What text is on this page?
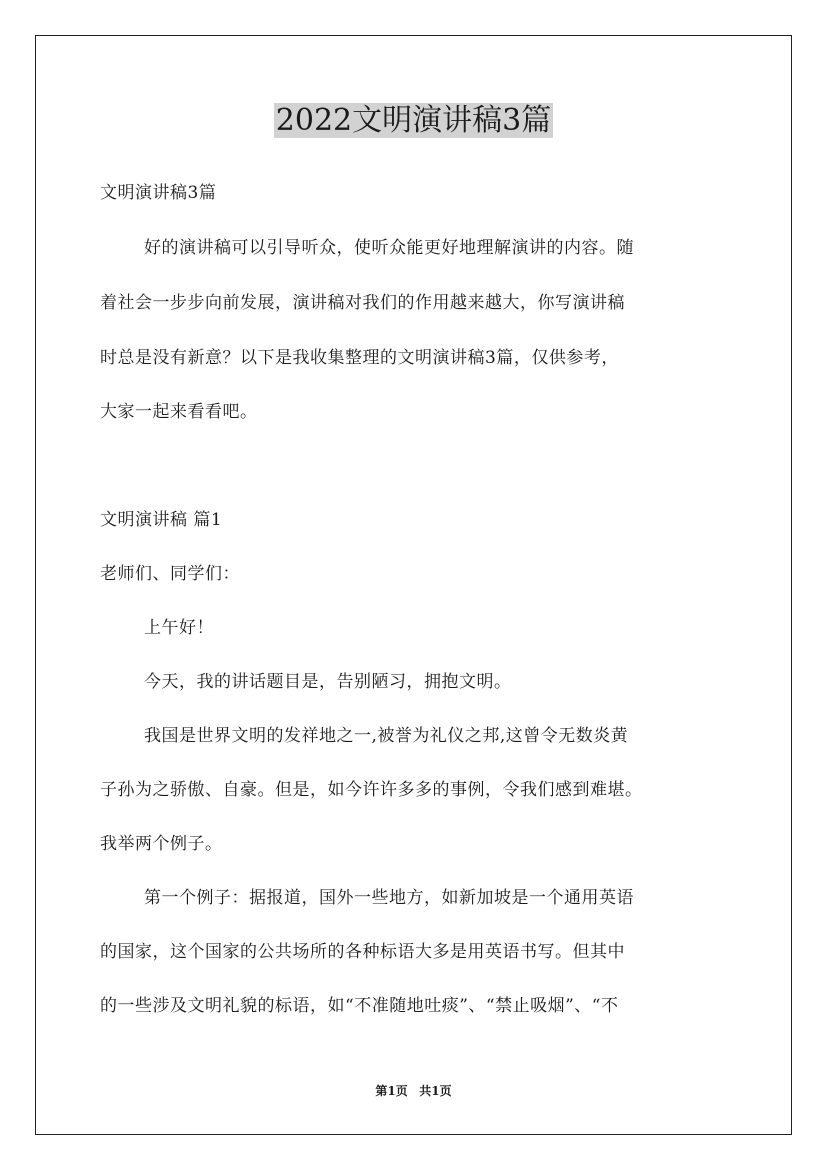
2022文明演讲稿3篇
文明演讲稿3篇
好的演讲稿可以引导听众，使听众能更好地理解演讲的内容。随
着社会一步步向前发展，演讲稿对我们的作用越来越大，你写演讲稿
时总是没有新意？以下是我收集整理的文明演讲稿3篇，仅供参考，
大家一起来看看吧。
文明演讲稿 篇1
老师们、同学们：
上午好！
今天，我的讲话题目是，告别陋习，拥抱文明。
我国是世界文明的发祥地之一,被誉为礼仪之邦,这曾令无数炎黄
子孙为之骄傲、自豪。但是，如今许许多多的事例，令我们感到难堪。
我举两个例子。
第一个例子：据报道，国外一些地方，如新加坡是一个通用英语
的国家，这个国家的公共场所的各种标语大多是用英语书写。但其中
的一些涉及文明礼貌的标语，如“不准随地吐痰”、“禁止吸烟”、“不
第1页 共1页
